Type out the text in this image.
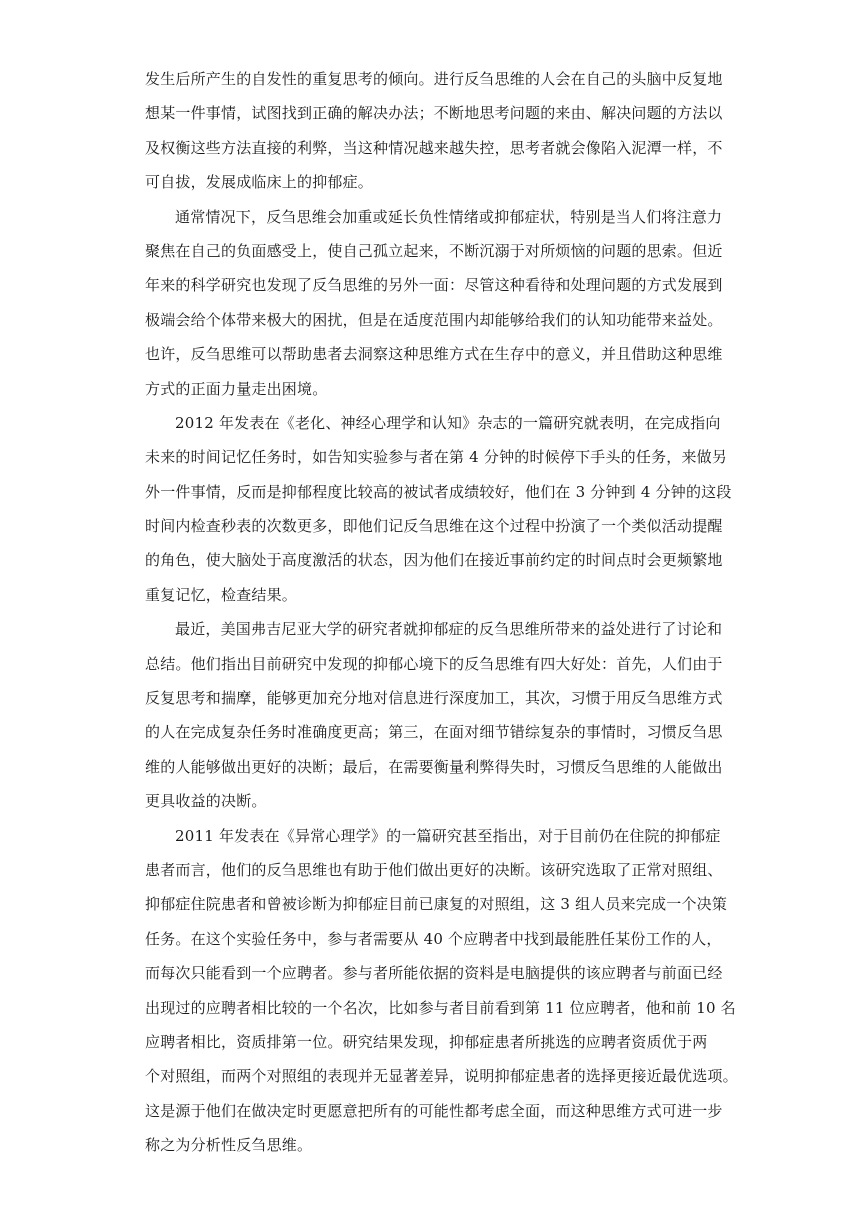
发生后所产生的自发性的重复思考的倾向。进行反刍思维的人会在自己的头脑中反复地
想某一件事情，试图找到正确的解决办法；不断地思考问题的来由、解决问题的方法以
及权衡这些方法直接的利弊，当这种情况越来越失控，思考者就会像陷入泥潭一样，不
可自拔，发展成临床上的抑郁症。
通常情况下，反刍思维会加重或延长负性情绪或抑郁症状，特别是当人们将注意力
聚焦在自己的负面感受上，使自己孤立起来，不断沉溺于对所烦恼的问题的思索。但近
年来的科学研究也发现了反刍思维的另外一面：尽管这种看待和处理问题的方式发展到
极端会给个体带来极大的困扰，但是在适度范围内却能够给我们的认知功能带来益处。
也许，反刍思维可以帮助患者去洞察这种思维方式在生存中的意义，并且借助这种思维
方式的正面力量走出困境。
2012 年发表在《老化、神经心理学和认知》杂志的一篇研究就表明，在完成指向
未来的时间记忆任务时，如告知实验参与者在第 4 分钟的时候停下手头的任务，来做另
外一件事情，反而是抑郁程度比较高的被试者成绩较好，他们在 3 分钟到 4 分钟的这段
时间内检查秒表的次数更多，即他们记反刍思维在这个过程中扮演了一个类似活动提醒
的角色，使大脑处于高度激活的状态，因为他们在接近事前约定的时间点时会更频繁地
重复记忆，检查结果。
最近，美国弗吉尼亚大学的研究者就抑郁症的反刍思维所带来的益处进行了讨论和
总结。他们指出目前研究中发现的抑郁心境下的反刍思维有四大好处：首先，人们由于
反复思考和揣摩，能够更加充分地对信息进行深度加工，其次，习惯于用反刍思维方式
的人在完成复杂任务时准确度更高；第三，在面对细节错综复杂的事情时，习惯反刍思
维的人能够做出更好的决断；最后，在需要衡量利弊得失时，习惯反刍思维的人能做出
更具收益的决断。
2011 年发表在《异常心理学》的一篇研究甚至指出，对于目前仍在住院的抑郁症
患者而言，他们的反刍思维也有助于他们做出更好的决断。该研究选取了正常对照组、
抑郁症住院患者和曾被诊断为抑郁症目前已康复的对照组，这 3 组人员来完成一个决策
任务。在这个实验任务中，参与者需要从 40 个应聘者中找到最能胜任某份工作的人，
而每次只能看到一个应聘者。参与者所能依据的资料是电脑提供的该应聘者与前面已经
出现过的应聘者相比较的一个名次，比如参与者目前看到第 11 位应聘者，他和前 10 名
应聘者相比，资质排第一位。研究结果发现，抑郁症患者所挑选的应聘者资质优于两
个对照组，而两个对照组的表现并无显著差异，说明抑郁症患者的选择更接近最优选项。
这是源于他们在做决定时更愿意把所有的可能性都考虑全面，而这种思维方式可进一步
称之为分析性反刍思维。
